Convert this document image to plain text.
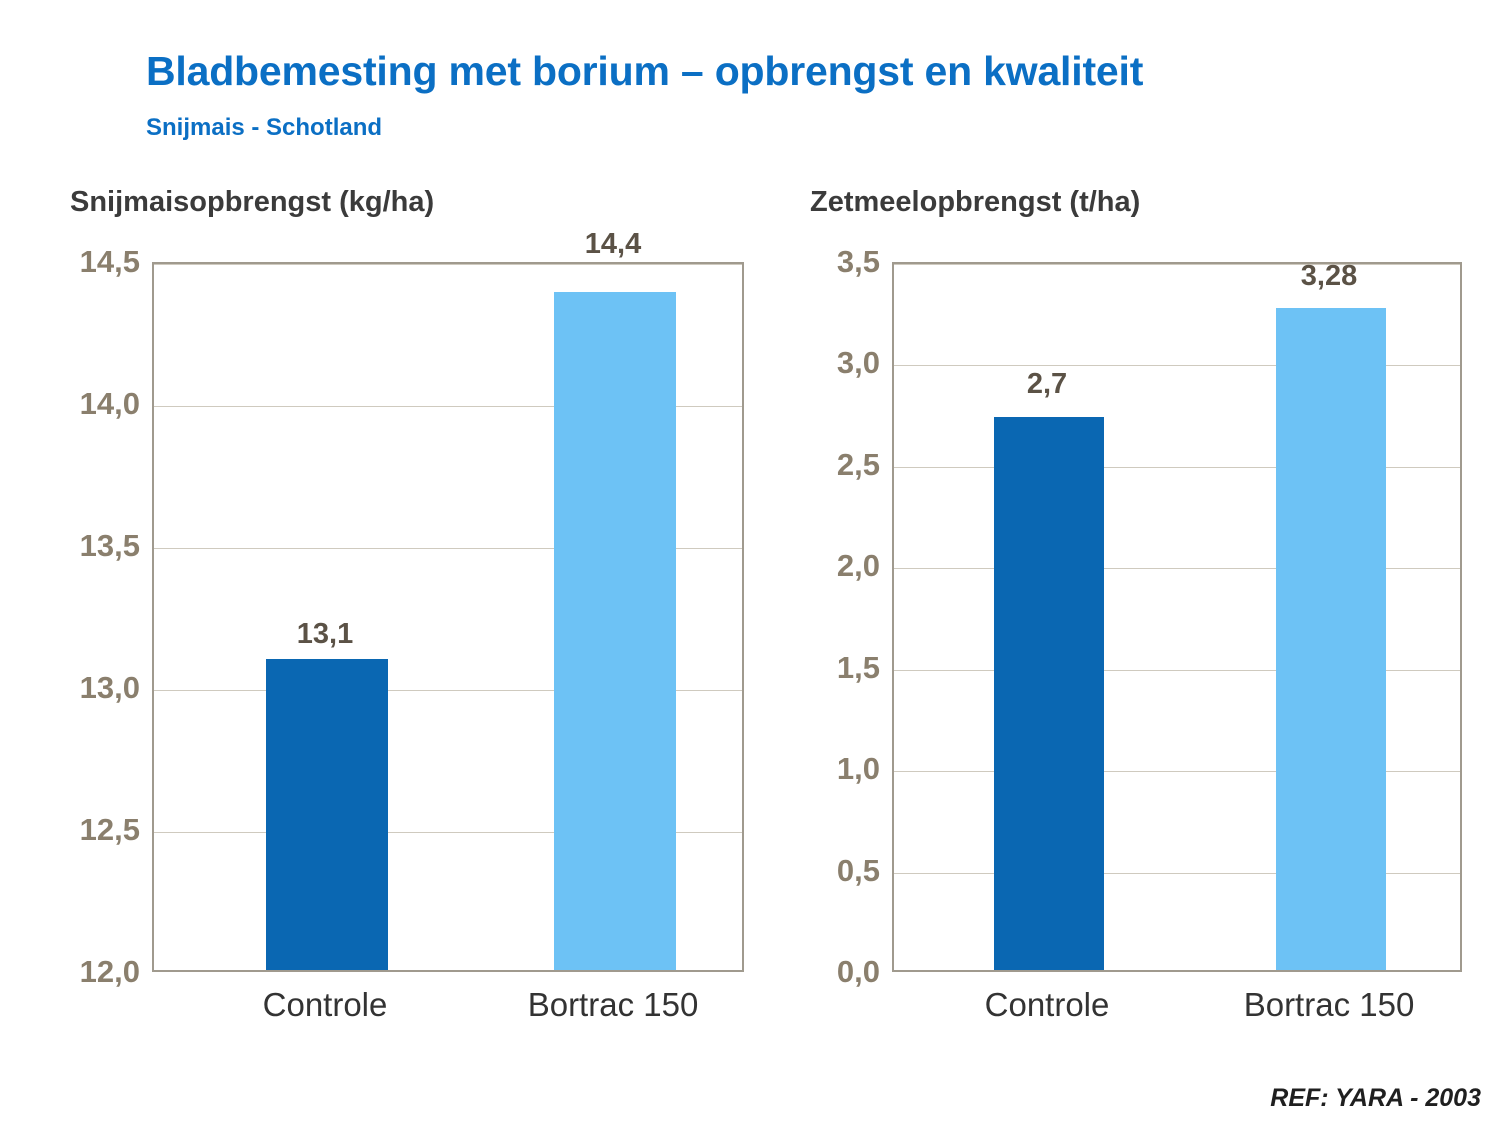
Bladbemesting met borium – opbrengst en kwaliteit
Snijmais - Schotland
Snijmaisopbrengst (kg/ha)
14,5
14,0
13,5
13,0
12,5
12,0
13,1
14,4
Controle	Bortrac 150
Zetmeelopbrengst (t/ha)
3,5
3,0
2,5
2,0
1,5
1,0
0,5
0,0
2,7
3,28
Controle	Bortrac 150
REF: YARA - 2003
